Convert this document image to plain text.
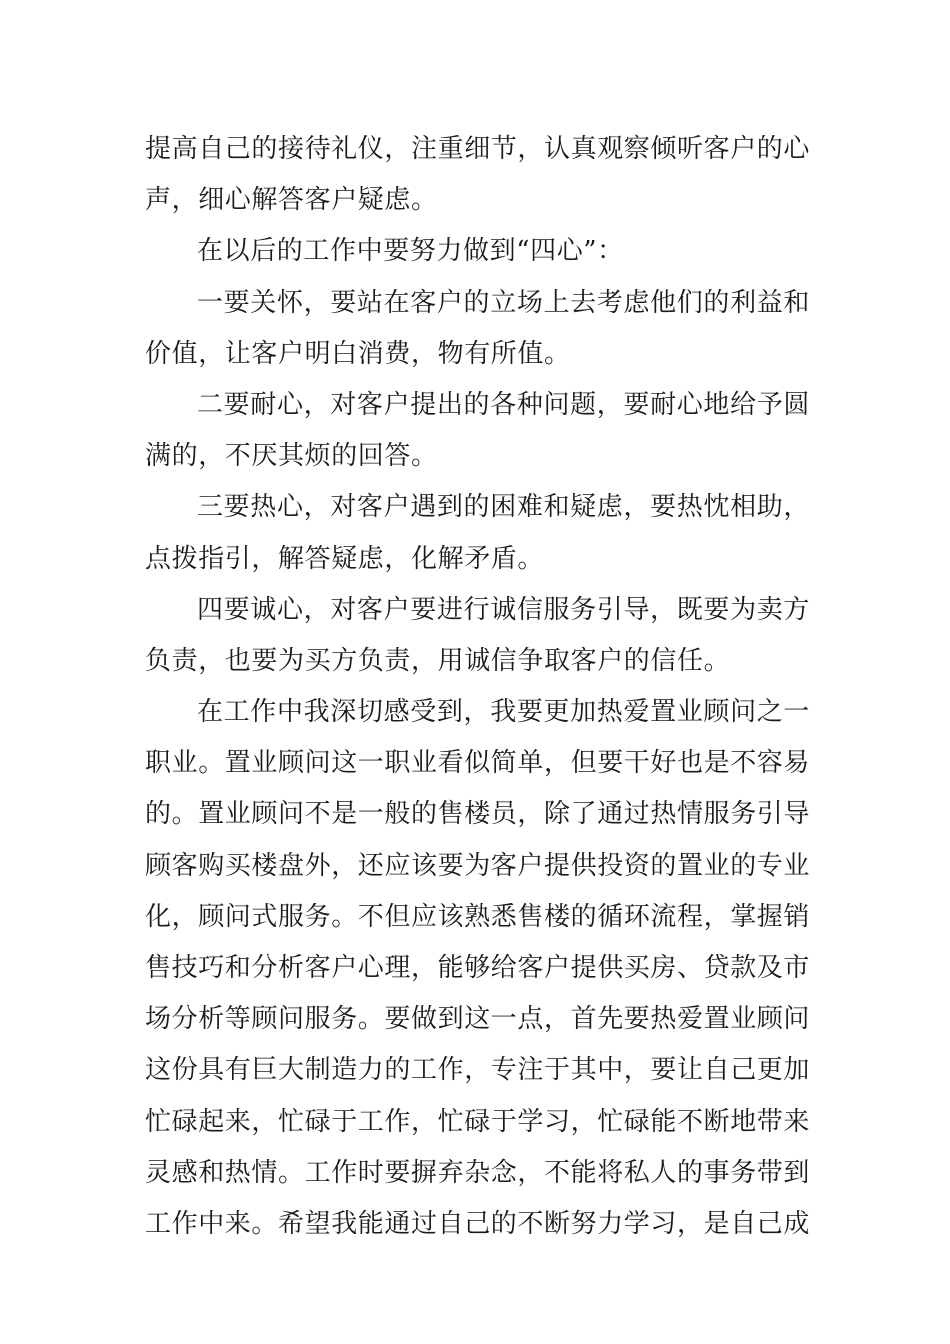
提高自己的接待礼仪，注重细节，认真观察倾听客户的心
声，细心解答客户疑虑。
在以后的工作中要努力做到“四心”：
一要关怀，要站在客户的立场上去考虑他们的利益和
价值，让客户明白消费，物有所值。
二要耐心，对客户提出的各种问题，要耐心地给予圆
满的，不厌其烦的回答。
三要热心，对客户遇到的困难和疑虑，要热忱相助，
点拨指引，解答疑虑，化解矛盾。
四要诚心，对客户要进行诚信服务引导，既要为卖方
负责，也要为买方负责，用诚信争取客户的信任。
在工作中我深切感受到，我要更加热爱置业顾问之一
职业。置业顾问这一职业看似简单，但要干好也是不容易
的。置业顾问不是一般的售楼员，除了通过热情服务引导
顾客购买楼盘外，还应该要为客户提供投资的置业的专业
化，顾问式服务。不但应该熟悉售楼的循环流程，掌握销
售技巧和分析客户心理，能够给客户提供买房、贷款及市
场分析等顾问服务。要做到这一点，首先要热爱置业顾问
这份具有巨大制造力的工作，专注于其中，要让自己更加
忙碌起来，忙碌于工作，忙碌于学习，忙碌能不断地带来
灵感和热情。工作时要摒弃杂念，不能将私人的事务带到
工作中来。希望我能通过自己的不断努力学习，是自己成
